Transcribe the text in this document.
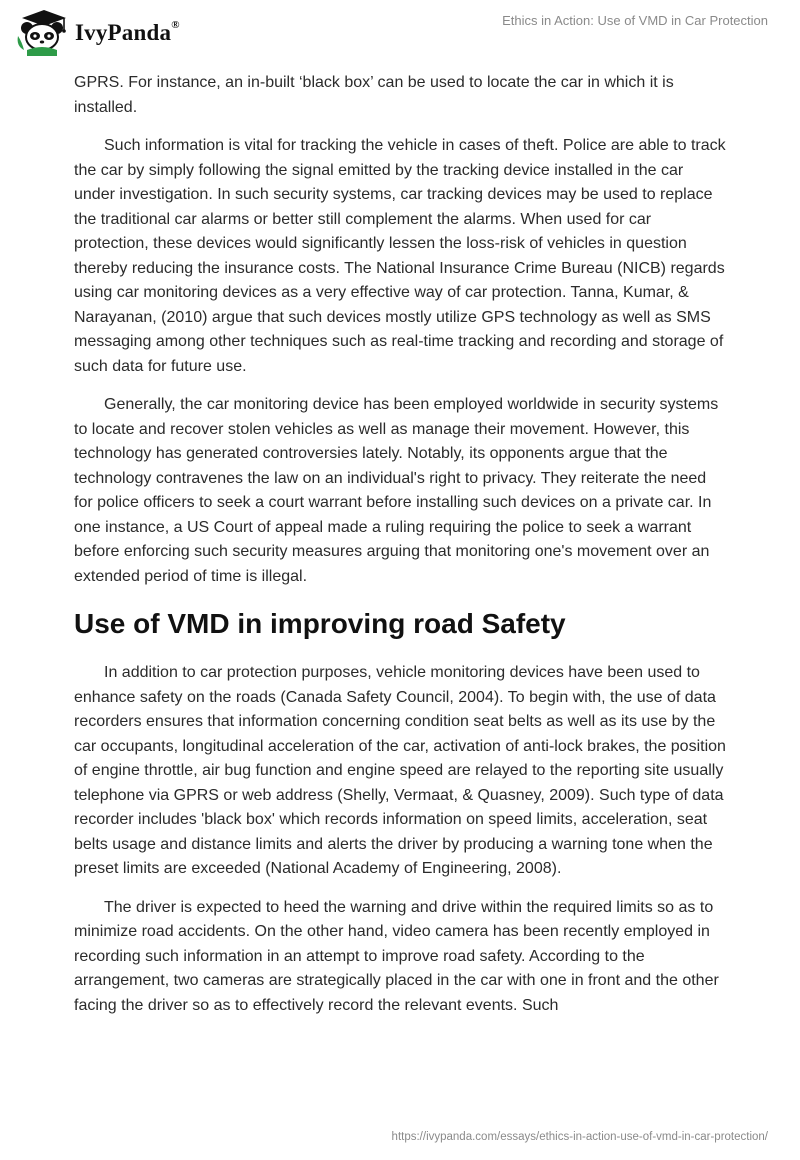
IvyPanda®	Ethics in Action: Use of VMD in Car Protection

GPRS. For instance, an in-built ‘black box’ can be used to locate the car in which it is installed.

Such information is vital for tracking the vehicle in cases of theft. Police are able to track the car by simply following the signal emitted by the tracking device installed in the car under investigation. In such security systems, car tracking devices may be used to replace the traditional car alarms or better still complement the alarms. When used for car protection, these devices would significantly lessen the loss-risk of vehicles in question thereby reducing the insurance costs. The National Insurance Crime Bureau (NICB) regards using car monitoring devices as a very effective way of car protection. Tanna, Kumar, & Narayanan, (2010) argue that such devices mostly utilize GPS technology as well as SMS messaging among other techniques such as real-time tracking and recording and storage of such data for future use.

Generally, the car monitoring device has been employed worldwide in security systems to locate and recover stolen vehicles as well as manage their movement. However, this technology has generated controversies lately. Notably, its opponents argue that the technology contravenes the law on an individual's right to privacy. They reiterate the need for police officers to seek a court warrant before installing such devices on a private car. In one instance, a US Court of appeal made a ruling requiring the police to seek a warrant before enforcing such security measures arguing that monitoring one's movement over an extended period of time is illegal.

Use of VMD in improving road Safety

In addition to car protection purposes, vehicle monitoring devices have been used to enhance safety on the roads (Canada Safety Council, 2004). To begin with, the use of data recorders ensures that information concerning condition seat belts as well as its use by the car occupants, longitudinal acceleration of the car, activation of anti-lock brakes, the position of engine throttle, air bug function and engine speed are relayed to the reporting site usually telephone via GPRS or web address (Shelly, Vermaat, & Quasney, 2009). Such type of data recorder includes 'black box' which records information on speed limits, acceleration, seat belts usage and distance limits and alerts the driver by producing a warning tone when the preset limits are exceeded (National Academy of Engineering, 2008).

The driver is expected to heed the warning and drive within the required limits so as to minimize road accidents. On the other hand, video camera has been recently employed in recording such information in an attempt to improve road safety. According to the arrangement, two cameras are strategically placed in the car with one in front and the other facing the driver so as to effectively record the relevant events. Such

https://ivypanda.com/essays/ethics-in-action-use-of-vmd-in-car-protection/
